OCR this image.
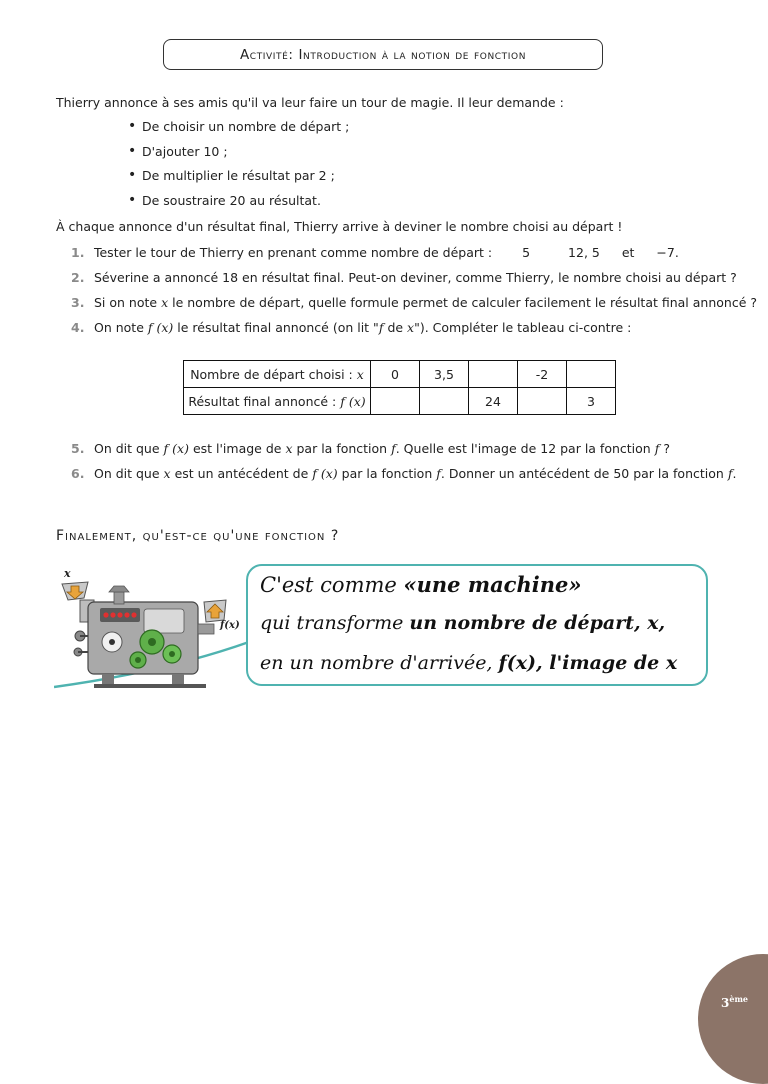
Activité: Introduction à la notion de fonction
Thierry annonce à ses amis qu'il va leur faire un tour de magie. Il leur demande :
• De choisir un nombre de départ ;
• D'ajouter 10 ;
• De multiplier le résultat par 2 ;
• De soustraire 20 au résultat.
À chaque annonce d'un résultat final, Thierry arrive à deviner le nombre choisi au départ !
1. Tester le tour de Thierry en prenant comme nombre de départ : 5	12, 5 et −7.
2. Séverine a annoncé 18 en résultat final. Peut-on deviner, comme Thierry, le nombre choisi au départ ?
3. Si on note x le nombre de départ, quelle formule permet de calculer facilement le résultat final annoncé ?
4. On note f (x) le résultat final annoncé (on lit "f de x"). Compléter le tableau ci-contre :
Nombre de départ choisi : x	0	3,5		-2	
Résultat final annoncé : f (x)			24		3
5. On dit que f (x) est l'image de x par la fonction f. Quelle est l'image de 12 par la fonction f ?
6. On dit que x est un antécédent de f (x) par la fonction f. Donner un antécédent de 50 par la fonction f.
Finalement, qu'est-ce qu'une fonction ?
x
f(x)
C'est comme «une machine»
qui transforme un nombre de départ, x,
en un nombre d'arrivée, f(x), l'image de x
3ème
